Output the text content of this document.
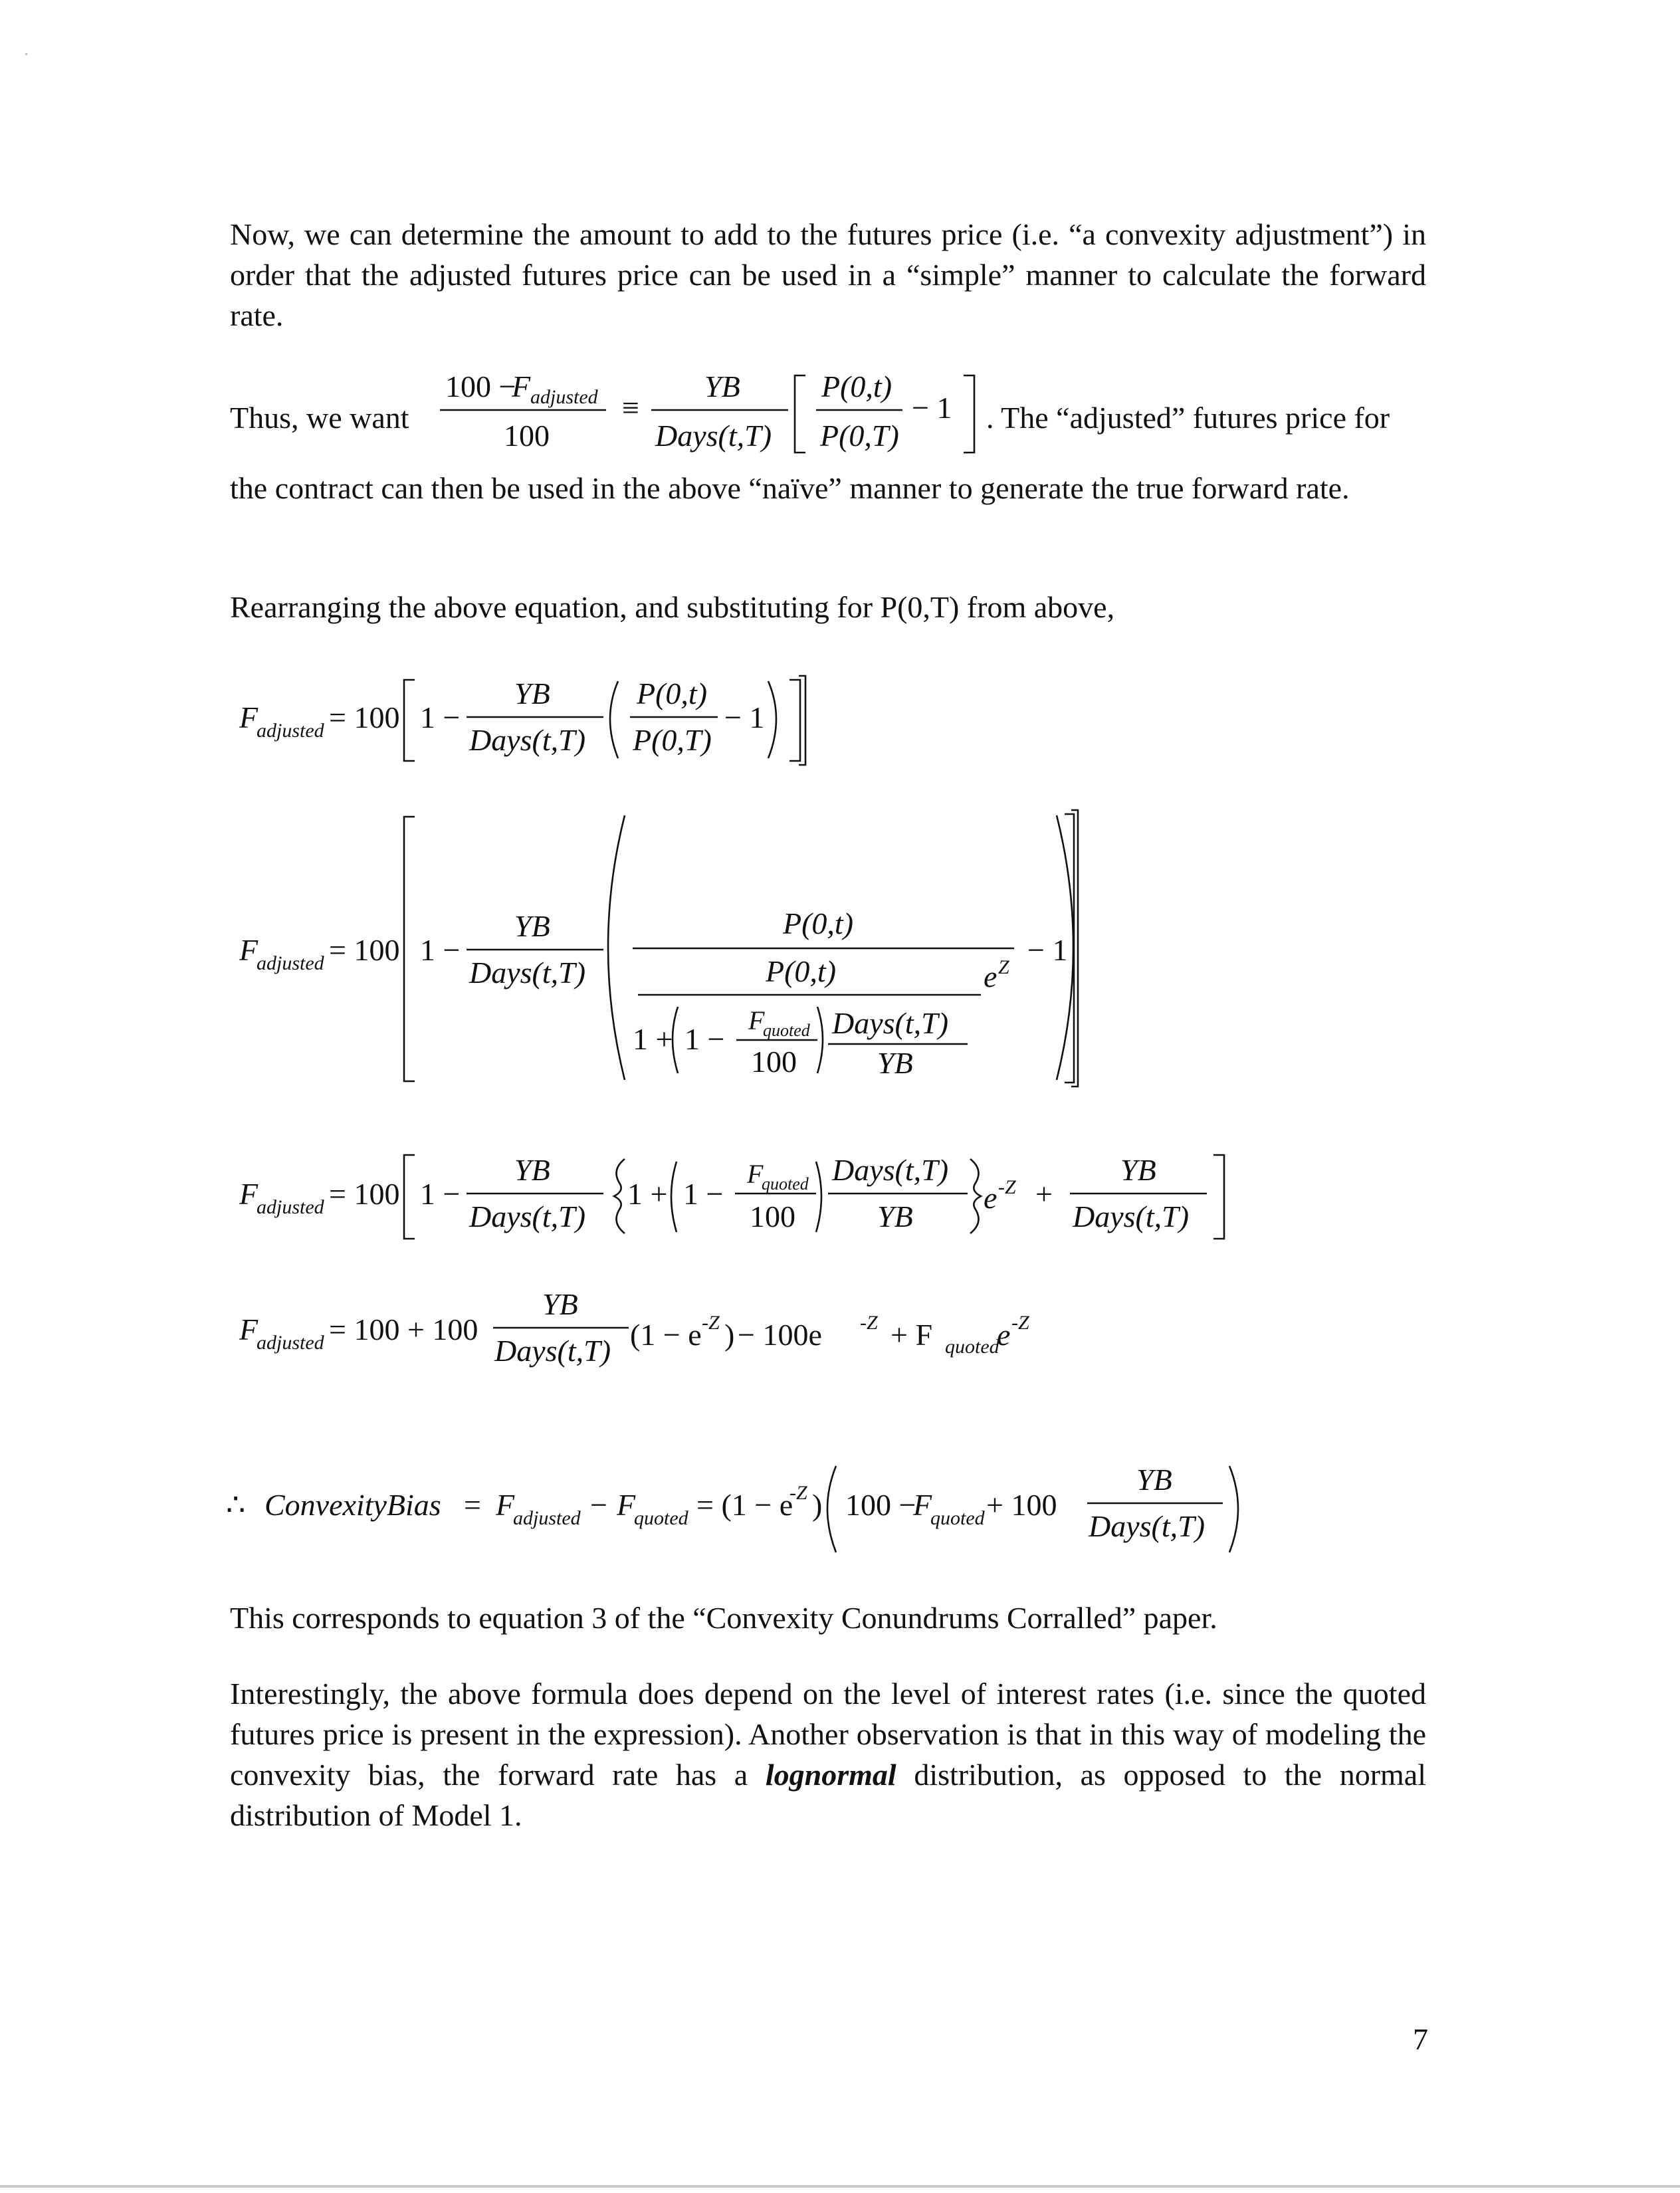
Now, we can determine the amount to add to the futures price (i.e. “a convexity adjustment”) in order that the adjusted futures price can be used in a “simple” manner to calculate the forward rate.

Thus, we want
100 −
F adjusted
100
≡
YB
Days(t,T)
P(0,t)
P(0,T)
− 1 . The “adjusted” futures price for

the contract can then be used in the above “naïve” manner to generate the true forward rate.

Rearranging the above equation, and substituting for P(0,T) from above,

F
adjusted = 100 1 −
YB
Days(t,T)
P(0,t)
P(0,T)
− 1
F
adjusted = 100 1 −
YB
Days(t,T)
P(0,t)
P(0,t)	e Z
1 + 1 −
F
quoted
100
Days(t,T)
YB
− 1
F
adjusted = 100 1 −
YB
Days(t,T)
1 + 1 −
F
quoted
100
Days(t,T)
YB
e -Z +
YB
Days(t,T)
F
adjusted = 100 + 100
YB
Days(t,T) (1 − e -Z ) − 100e -Z + F quoted
e -Z
∴ ConvexityBias = F
adjusted − F
quoted = (1 − e
-Z ) 100 −
F
quoted + 100
YB
Days(t,T)

This corresponds to equation 3 of the “Convexity Conundrums Corralled” paper.

Interestingly, the above formula does depend on the level of interest rates (i.e. since the quoted futures price is present in the expression). Another observation is that in this way of modeling the convexity bias, the forward rate has a lognormal distribution, as opposed to the normal distribution of Model 1.

7
